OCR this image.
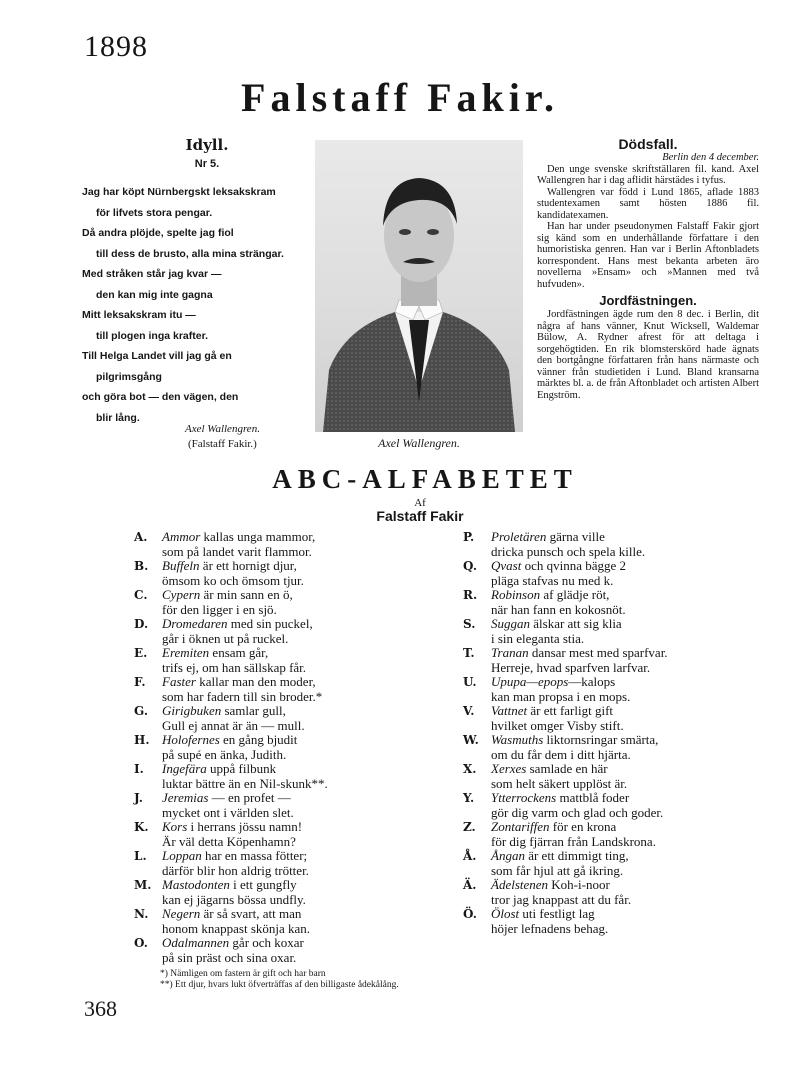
1898
Falstaff Fakir.
Idyll.
Nr 5.
Jag har köpt Nürnbergskt leksakskram
för lifvets stora pengar.
Då andra plöjde, spelte jag fiol
till dess de brusto, alla mina strängar.
Med stråken står jag kvar —
den kan mig inte gagna
Mitt leksakskram itu —
till plogen inga krafter.
Till Helga Landet vill jag gå en
pilgrimsgång
och göra bot — den vägen, den
blir lång.
Axel Wallengren.
(Falstaff Fakir.)	Axel Wallengren.
Dödsfall.
Berlin den 4 december.

Den unge svenske skriftställaren fil. kand. Axel Wallengren har i dag aflidit härstädes i tyfus.

Wallengren var född i Lund 1865, aflade 1883 studentexamen samt hösten 1886 fil. kandidatexamen.

Han har under pseudonymen Falstaff Fakir gjort sig känd som en underhållande författare i den humoristiska genren. Han var i Berlin Aftonbladets korrespondent. Hans mest bekanta arbeten äro novellerna »Ensam» och »Mannen med två hufvuden».

Jordfästningen.

Jordfästningen ägde rum den 8 dec. i Berlin, dit några af hans vänner, Knut Wicksell, Waldemar Bülow, A. Rydner afrest för att deltaga i sorgehögtiden. En rik blomsterskörd hade ägnats den bortgångne författaren från hans närmaste och vänner från studietiden i Lund. Bland kransarna märktes bl. a. de från Aftonbladet och artisten Albert Engström.

ABC-ALFABETET
Af
Falstaff Fakir
A.	Ammor kallas unga mammor,
som på landet varit flammor.
B.	Buffeln är ett hornigt djur,
ömsom ko och ömsom tjur.
C.	Cypern är min sann en ö,
för den ligger i en sjö.
D.	Dromedaren med sin puckel,
går i öknen ut på ruckel.
E.	Eremiten ensam går,
trifs ej, om han sällskap får.
F.	Faster kallar man den moder,
som har fadern till sin broder.*
G.	Girigbuken samlar gull,
Gull ej annat är än — mull.
H. Holofernes en gång bjudit
på supé en änka, Judith.
I.	Ingefära uppå filbunk
luktar bättre än en Nil-skunk**.
J.	Jeremias — en profet —
mycket ont i världen slet.
K.	Kors i herrans jössu namn!
Är väl detta Köpenhamn?
L.	Loppan har en massa fötter;
därför blir hon aldrig trötter.
M. Mastodonten i ett gungfly
kan ej jägarns bössa undfly.
N.	Negern är så svart, att man
honom knappast skönja kan.
O.	Odalmannen går och koxar
på sin präst och sina oxar.
P.	Proletären gärna ville
dricka punsch och spela kille.
Q.	Qvast och qvinna bägge 2
pläga stafvas nu med k.
R.	Robinson af glädje röt,
när han fann en kokosnöt.
S.	Suggan älskar att sig klia
i sin eleganta stia.
T.	Tranan dansar mest med sparfvar.
Herreje, hvad sparfven larfvar.
U.	Upupa—epops—kalops
kan man propsa i en mops.
V.	Vattnet är ett farligt gift
hvilket omger Visby stift.
W. Wasmuths liktornsringar smärta,
om du får dem i ditt hjärta.
X.	Xerxes samlade en här
som helt säkert upplöst är.
Y.	Ytterrockens mattblå foder
gör dig varm och glad och goder.
Z.	Zontariffen för en krona
för dig fjärran från Landskrona.
Å.	Ångan är ett dimmigt ting,
som får hjul att gå ikring.
Ä.	Ädelstenen Koh-i-noor
tror jag knappast att du får.
Ö.	Ölost uti festligt lag
höjer lefnadens behag.
*) Nämligen om fastern är gift och har barn
**) Ett djur, hvars lukt öfverträffas af den billigaste ådekålång.
368
